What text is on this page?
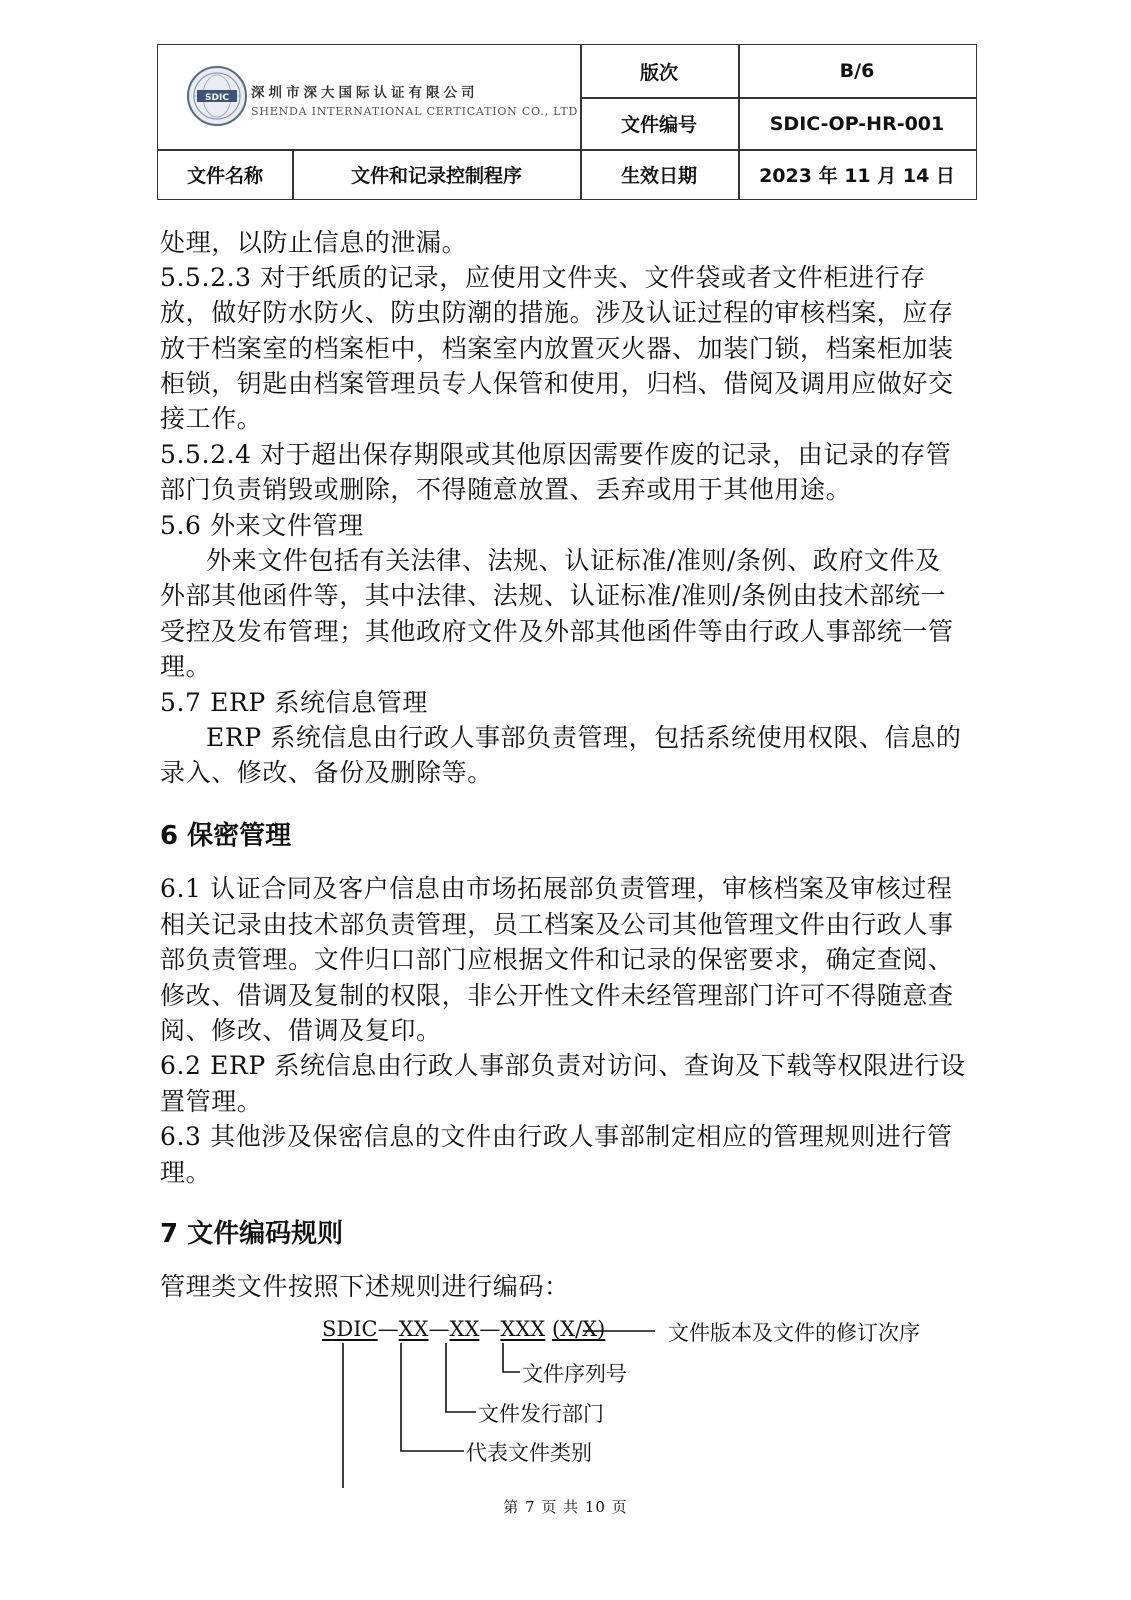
SDIC 深圳市深大国际认证有限公司
SHENDA INTERNATIONAL CERTICATION CO., LTD
版次	B/6
文件编号	SDIC-OP-HR-001
文件名称	文件和记录控制程序	生效日期	2023 年 11 月 14 日
处理，以防止信息的泄漏。
5.5.2.3 对于纸质的记录，应使用文件夹、文件袋或者文件柜进行存
放，做好防水防火、防虫防潮的措施。涉及认证过程的审核档案，应存
放于档案室的档案柜中，档案室内放置灭火器、加装门锁，档案柜加装
柜锁，钥匙由档案管理员专人保管和使用，归档、借阅及调用应做好交
接工作。
5.5.2.4 对于超出保存期限或其他原因需要作废的记录，由记录的存管
部门负责销毁或删除，不得随意放置、丢弃或用于其他用途。
5.6 外来文件管理
外来文件包括有关法律、法规、认证标准/准则/条例、政府文件及
外部其他函件等，其中法律、法规、认证标准/准则/条例由技术部统一
受控及发布管理；其他政府文件及外部其他函件等由行政人事部统一管
理。
5.7 ERP 系统信息管理
ERP 系统信息由行政人事部负责管理，包括系统使用权限、信息的
录入、修改、备份及删除等。
6 保密管理
6.1 认证合同及客户信息由市场拓展部负责管理，审核档案及审核过程
相关记录由技术部负责管理，员工档案及公司其他管理文件由行政人事
部负责管理。文件归口部门应根据文件和记录的保密要求，确定查阅、
修改、借调及复制的权限，非公开性文件未经管理部门许可不得随意查
阅、修改、借调及复印。
6.2 ERP 系统信息由行政人事部负责对访问、查询及下载等权限进行设
置管理。
6.3 其他涉及保密信息的文件由行政人事部制定相应的管理规则进行管
理。
7 文件编码规则
管理类文件按照下述规则进行编码：
SDIC—XX—XX—XXX (X/X)	文件版本及文件的修订次序
文件序列号
文件发行部门
代表文件类别
第 7 页 共 10 页
